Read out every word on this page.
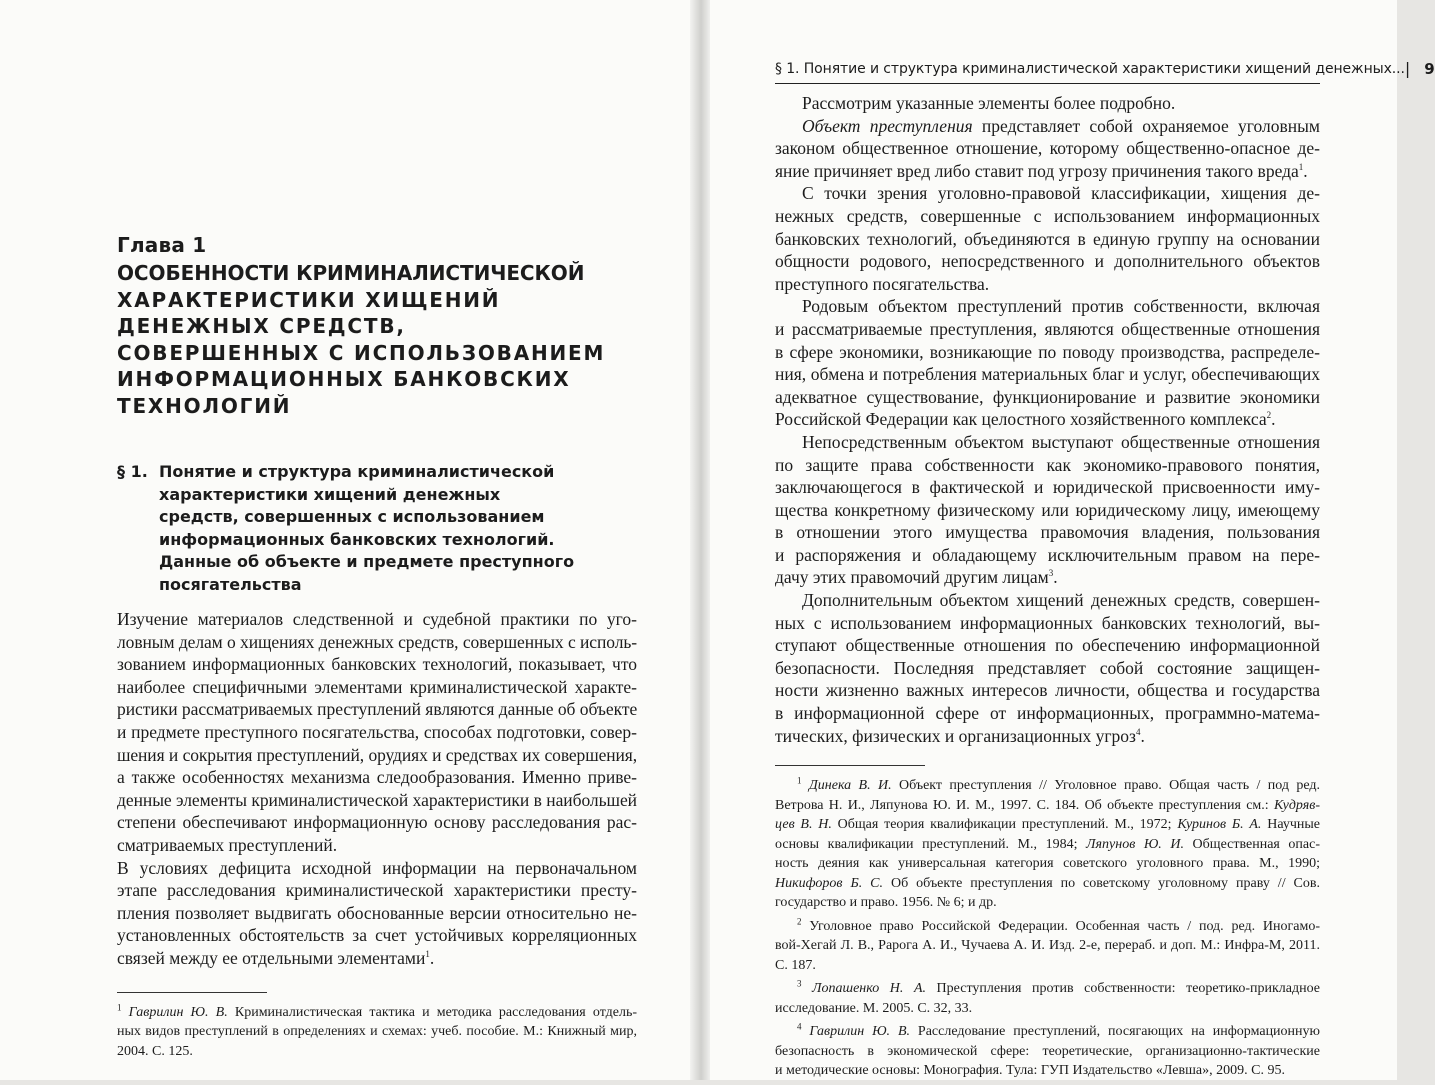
Глава 1
ОСОБЕННОСТИ КРИМИНАЛИСТИЧЕСКОЙ
ХАРАКТЕРИСТИКИ ХИЩЕНИЙ
ДЕНЕЖНЫХ СРЕДСТВ,
СОВЕРШЕННЫХ С ИСПОЛЬЗОВАНИЕМ
ИНФОРМАЦИОННЫХ БАНКОВСКИХ
ТЕХНОЛОГИЙ
§ 1. Понятие и структура криминалистической
характеристики хищений денежных
средств, совершенных с использованием
информационных банковских технологий.
Данные об объекте и предмете преступного
посягательства
Изучение материалов следственной и судебной практики по уго-
ловным делам о хищениях денежных средств, совершенных с исполь-
зованием информационных банковских технологий, показывает, что
наиболее специфичными элементами криминалистической характе-
ристики рассматриваемых преступлений являются данные об объекте
и предмете преступного посягательства, способах подготовки, совер-
шения и сокрытия преступлений, орудиях и средствах их совершения,
а также особенностях механизма следообразования. Именно приве-
денные элементы криминалистической характеристики в наибольшей
степени обеспечивают информационную основу расследования рас-
сматриваемых преступлений.
В условиях дефицита исходной информации на первоначальном
этапе расследования криминалистической характеристики престу-
пления позволяет выдвигать обоснованные версии относительно не-
установленных обстоятельств за счет устойчивых корреляционных
связей между ее отдельными элементами$^1$.
$^1$ Гаврилин Ю. В. Криминалистическая тактика и методика расследования отдель-
ных видов преступлений в определениях и схемах: учеб. пособие. М.: Книжный мир,
2004. С. 125.
§ 1. Понятие и структура криминалистической характеристики хищений денежных... | 9
Рассмотрим указанные элементы более подробно.
Объект преступления представляет собой охраняемое уголовным
законом общественное отношение, которому общественно-опасное де-
яние причиняет вред либо ставит под угрозу причинения такого вреда$^1$.
С точки зрения уголовно-правовой классификации, хищения де-
нежных средств, совершенные с использованием информационных
банковских технологий, объединяются в единую группу на основании
общности родового, непосредственного и дополнительного объектов
преступного посягательства.
Родовым объектом преступлений против собственности, включая
и рассматриваемые преступления, являются общественные отношения
в сфере экономики, возникающие по поводу производства, распределе-
ния, обмена и потребления материальных благ и услуг, обеспечивающих
адекватное существование, функционирование и развитие экономики
Российской Федерации как целостного хозяйственного комплекса$^2$.
Непосредственным объектом выступают общественные отношения
по защите права собственности как экономико-правового понятия,
заключающегося в фактической и юридической присвоенности иму-
щества конкретному физическому или юридическому лицу, имеющему
в отношении этого имущества правомочия владения, пользования
и распоряжения и обладающему исключительным правом на пере-
дачу этих правомочий другим лицам$^3$.
Дополнительным объектом хищений денежных средств, совершен-
ных с использованием информационных банковских технологий, вы-
ступают общественные отношения по обеспечению информационной
безопасности. Последняя представляет собой состояние защищен-
ности жизненно важных интересов личности, общества и государства
в информационной сфере от информационных, программно-матема-
тических, физических и организационных угроз$^4$.
$^1$ Динека В. И. Объект преступления // Уголовное право. Общая часть / под ред.
Ветрова Н. И., Ляпунова Ю. И. М., 1997. С. 184. Об объекте преступления см.: Кудряв-
цев В. Н. Общая теория квалификации преступлений. М., 1972; Куринов Б. А. Научные
основы квалификации преступлений. М., 1984; Ляпунов Ю. И. Общественная опас-
ность деяния как универсальная категория советского уголовного права. М., 1990;
Никифоров Б. С. Об объекте преступления по советскому уголовному праву // Сов.
государство и право. 1956. № 6; и др.
$^2$ Уголовное право Российской Федерации. Особенная часть / под. ред. Иногамо-
вой-Хегай Л. В., Рарога А. И., Чучаева А. И. Изд. 2-е, перераб. и доп. М.: Инфра-М, 2011.
С. 187.
$^3$ Лопашенко Н. А. Преступления против собственности: теоретико-прикладное
исследование. М. 2005. С. 32, 33.
$^4$ Гаврилин Ю. В. Расследование преступлений, посягающих на информационную
безопасность в экономической сфере: теоретические, организационно-тактические
и методические основы: Монография. Тула: ГУП Издательство «Левша», 2009. С. 95.
